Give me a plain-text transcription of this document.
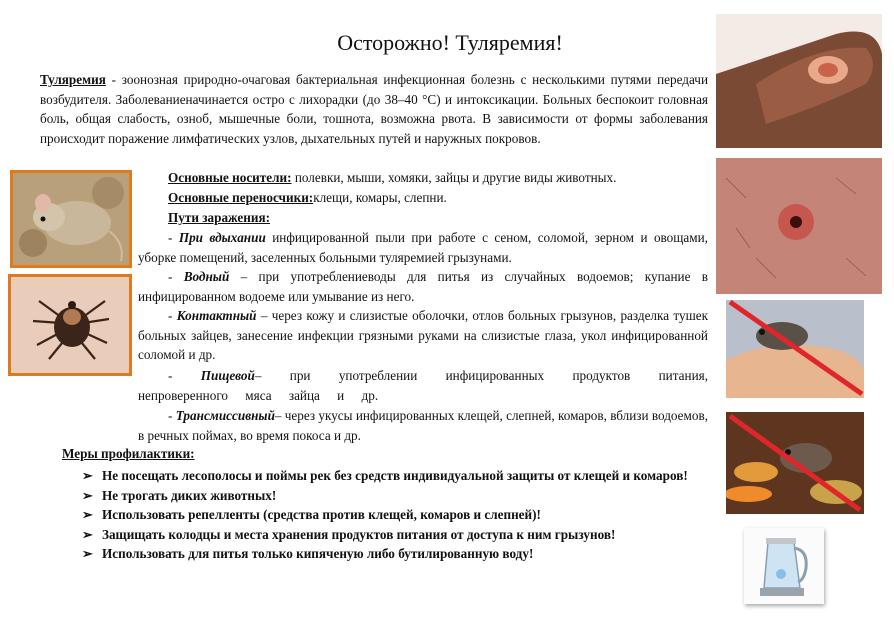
Осторожно! Туляремия!
Туляремия - зоонозная природно-очаговая бактериальная инфекционная болезнь с несколькими путями передачи возбудителя. Заболеваниеначинается остро с лихорадки (до 38–40 °С) и интоксикации. Больных беспокоит головная боль, общая слабость, озноб, мышечные боли, тошнота, возможна рвота. В зависимости от формы заболевания происходит поражение лимфатических узлов, дыхательных путей и наружных покровов.
Основные носители: полевки, мыши, хомяки, зайцы и другие виды животных.
Основные переносчики:клещи, комары, слепни.
Пути заражения:
- При вдыхании инфицированной пыли при работе с сеном, соломой, зерном и овощами, уборке помещений, заселенных больными туляремией грызунами.
- Водный – при употреблениеводы для питья из случайных водоемов; купание в инфицированном водоеме или умывание из него.
- Контактный – через кожу и слизистые оболочки, отлов больных грызунов, разделка тушек больных зайцев, занесение инфекции грязными руками на слизистые глаза, укол инфицированной соломой и др.
- Пищевой– при употреблении инфицированных продуктов питания, непроверенного мяса зайца и др.
- Трансмиссивный– через укусы инфицированных клещей, слепней, комаров, вблизи водоемов, в речных поймах, во время покоса и др.
Меры профилактики:
➢ Не посещать лесополосы и поймы рек без средств индивидуальной защиты от клещей и комаров!
➢ Не трогать диких животных!
➢ Использовать репелленты (средства против клещей, комаров и слепней)!
➢ Защищать колодцы и места хранения продуктов питания от доступа к ним грызунов!
➢ Использовать для питья только кипяченую либо бутилированную воду!
